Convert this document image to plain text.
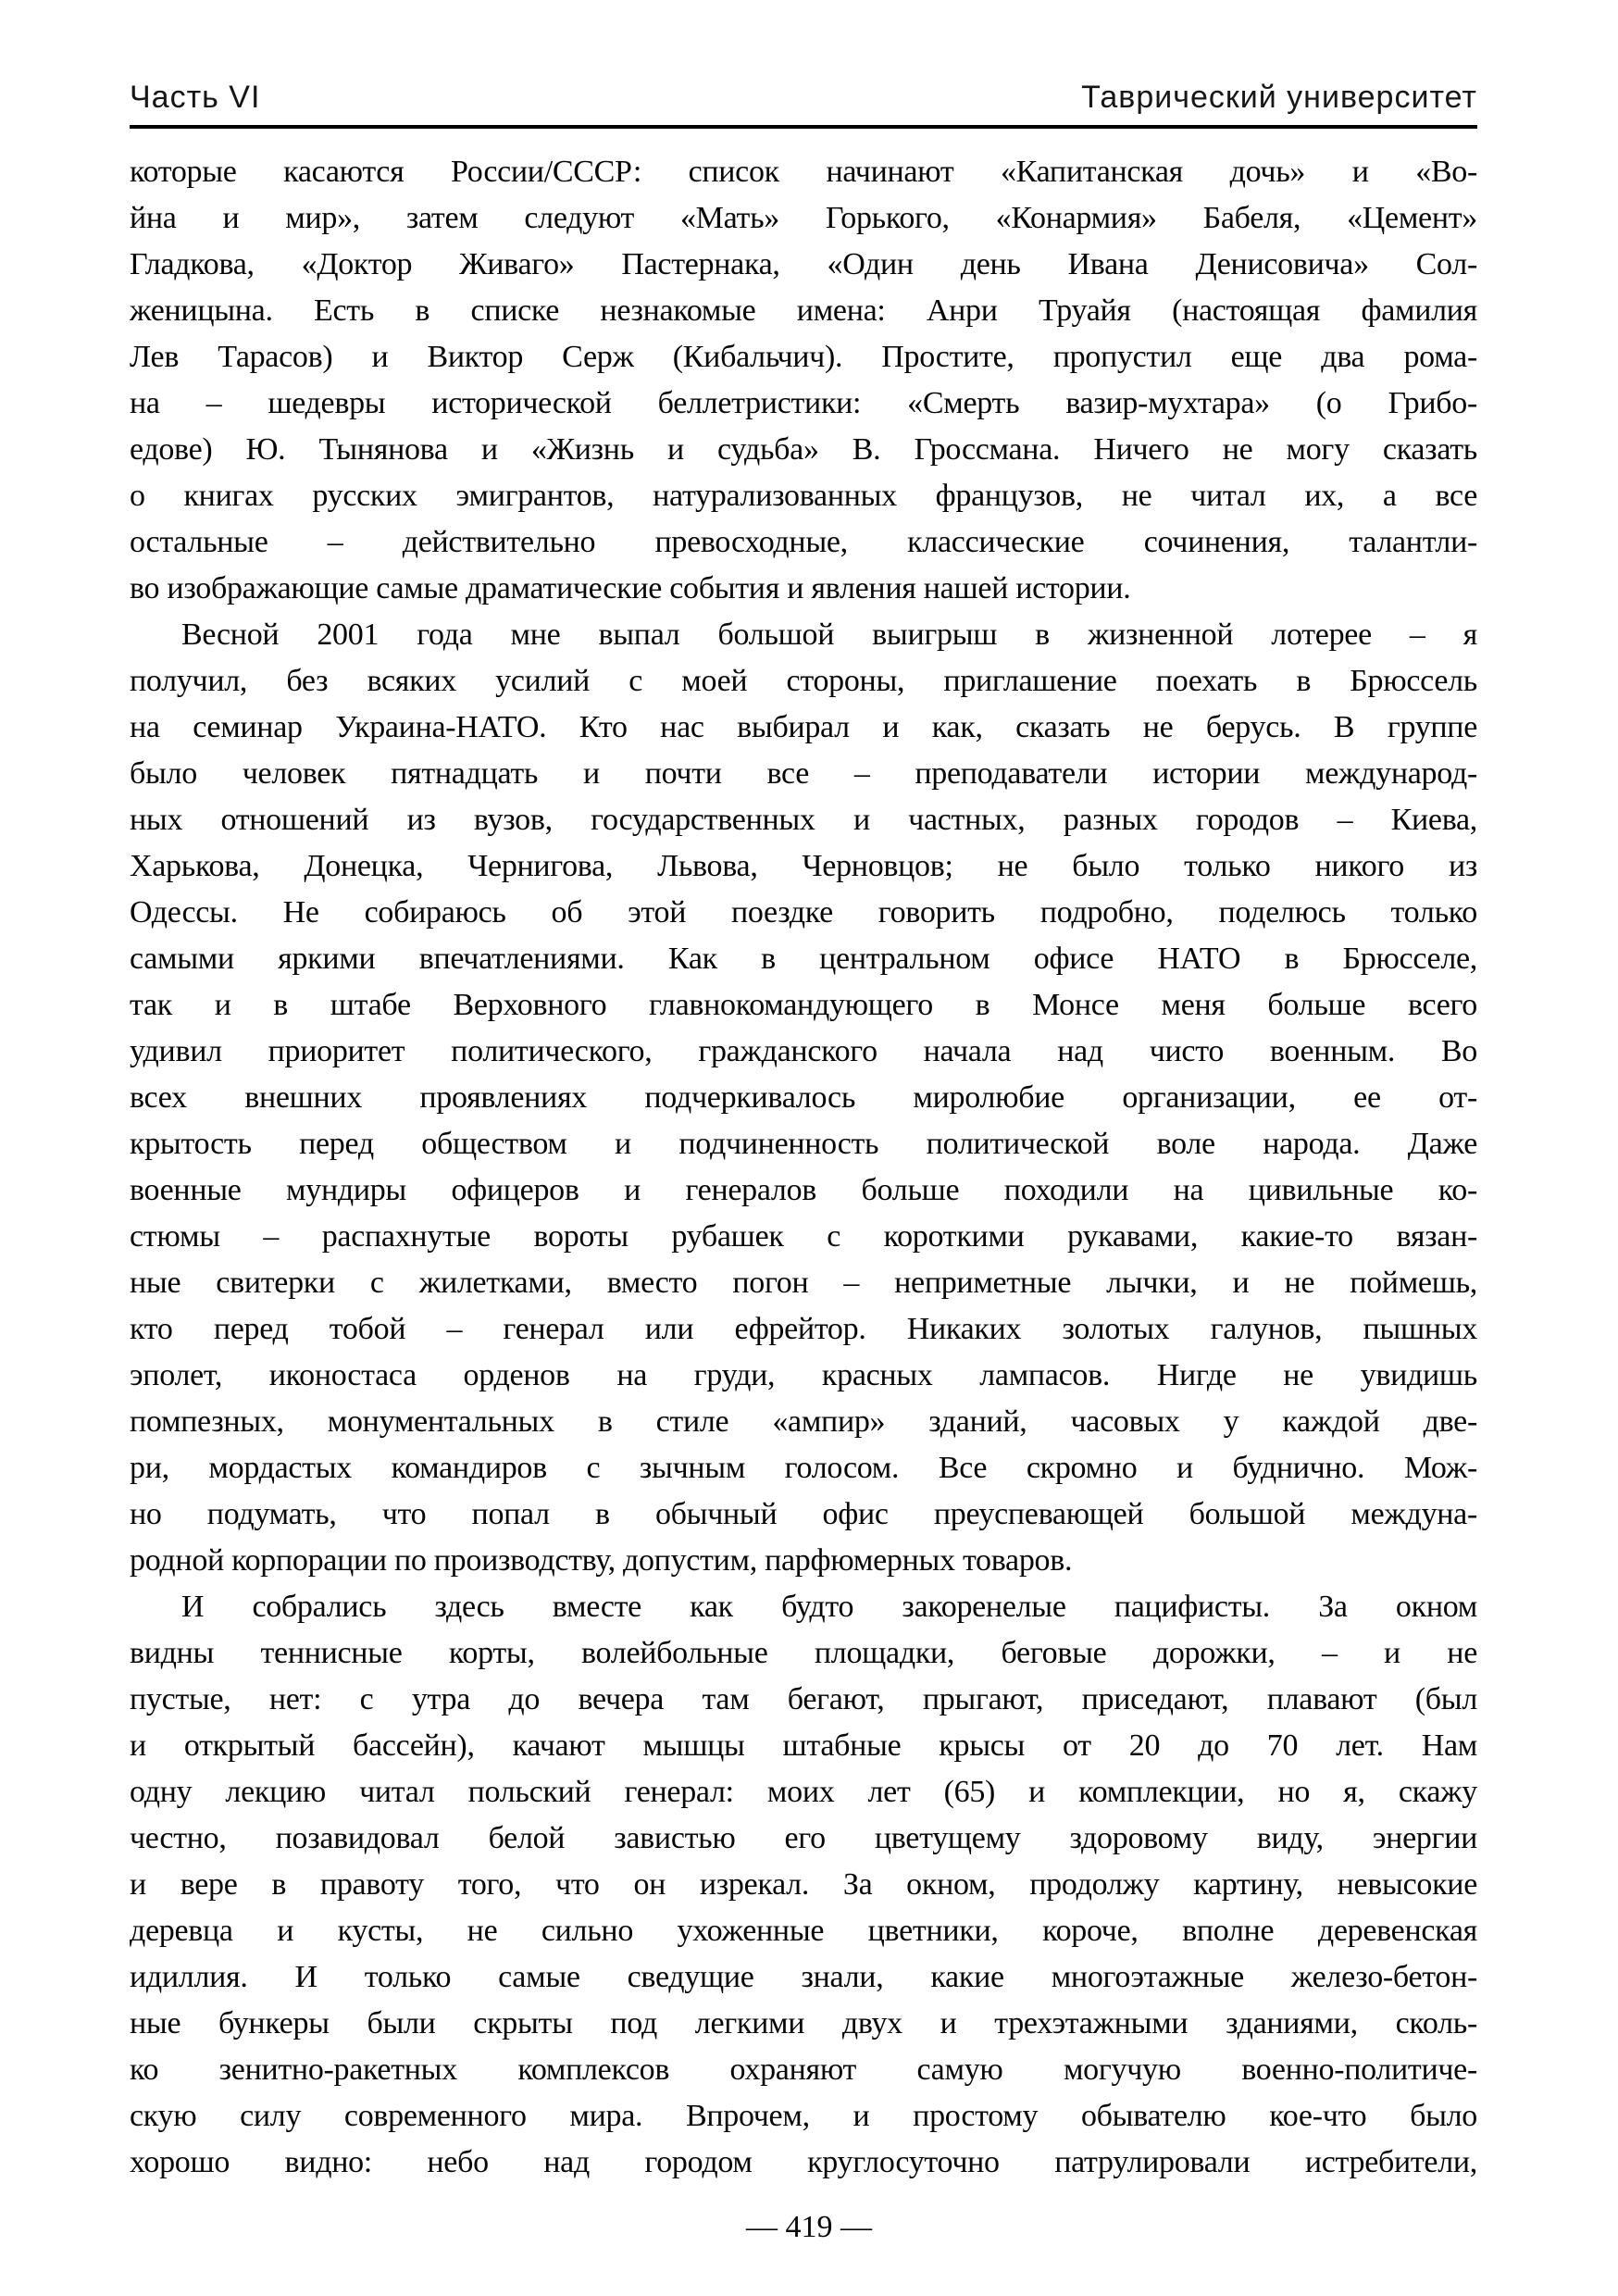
Часть VI	Таврический университет
которые касаются России/СССР: список начинают «Капитанская дочь» и «Во-
йна и мир», затем следуют «Мать» Горького, «Конармия» Бабеля, «Цемент»
Гладкова, «Доктор Живаго» Пастернака, «Один день Ивана Денисовича» Сол-
женицына. Есть в списке незнакомые имена: Анри Труайя (настоящая фамилия
Лев Тарасов) и Виктор Серж (Кибальчич). Простите, пропустил еще два рома-
на – шедевры исторической беллетристики: «Смерть вазир-мухтара» (о Грибо-
едове) Ю. Тынянова и «Жизнь и судьба» В. Гроссмана. Ничего не могу сказать
о книгах русских эмигрантов, натурализованных французов, не читал их, а все
остальные – действительно превосходные, классические сочинения, талантли-
во изображающие самые драматические события и явления нашей истории.
Весной 2001 года мне выпал большой выигрыш в жизненной лотерее – я
получил, без всяких усилий с моей стороны, приглашение поехать в Брюссель
на семинар Украина-НАТО. Кто нас выбирал и как, сказать не берусь. В группе
было человек пятнадцать и почти все – преподаватели истории международ-
ных отношений из вузов, государственных и частных, разных городов – Киева,
Харькова, Донецка, Чернигова, Львова, Черновцов; не было только никого из
Одессы. Не собираюсь об этой поездке говорить подробно, поделюсь только
самыми яркими впечатлениями. Как в центральном офисе НАТО в Брюсселе,
так и в штабе Верховного главнокомандующего в Монсе меня больше всего
удивил приоритет политического, гражданского начала над чисто военным. Во
всех внешних проявлениях подчеркивалось миролюбие организации, ее от-
крытость перед обществом и подчиненность политической воле народа. Даже
военные мундиры офицеров и генералов больше походили на цивильные ко-
стюмы – распахнутые вороты рубашек с короткими рукавами, какие-то вязан-
ные свитерки с жилетками, вместо погон – неприметные лычки, и не поймешь,
кто перед тобой – генерал или ефрейтор. Никаких золотых галунов, пышных
эполет, иконостаса орденов на груди, красных лампасов. Нигде не увидишь
помпезных, монументальных в стиле «ампир» зданий, часовых у каждой две-
ри, мордастых командиров с зычным голосом. Все скромно и буднично. Мож-
но подумать, что попал в обычный офис преуспевающей большой междуна-
родной корпорации по производству, допустим, парфюмерных товаров.
И собрались здесь вместе как будто закоренелые пацифисты. За окном
видны теннисные корты, волейбольные площадки, беговые дорожки, – и не
пустые, нет: с утра до вечера там бегают, прыгают, приседают, плавают (был
и открытый бассейн), качают мышцы штабные крысы от 20 до 70 лет. Нам
одну лекцию читал польский генерал: моих лет (65) и комплекции, но я, скажу
честно, позавидовал белой завистью его цветущему здоровому виду, энергии
и вере в правоту того, что он изрекал. За окном, продолжу картину, невысокие
деревца и кусты, не сильно ухоженные цветники, короче, вполне деревенская
идиллия. И только самые сведущие знали, какие многоэтажные железо-бетон-
ные бункеры были скрыты под легкими двух и трехэтажными зданиями, сколь-
ко зенитно-ракетных комплексов охраняют самую могучую военно-политиче-
скую силу современного мира. Впрочем, и простому обывателю кое-что было
хорошо видно: небо над городом круглосуточно патрулировали истребители,
— 419 —
